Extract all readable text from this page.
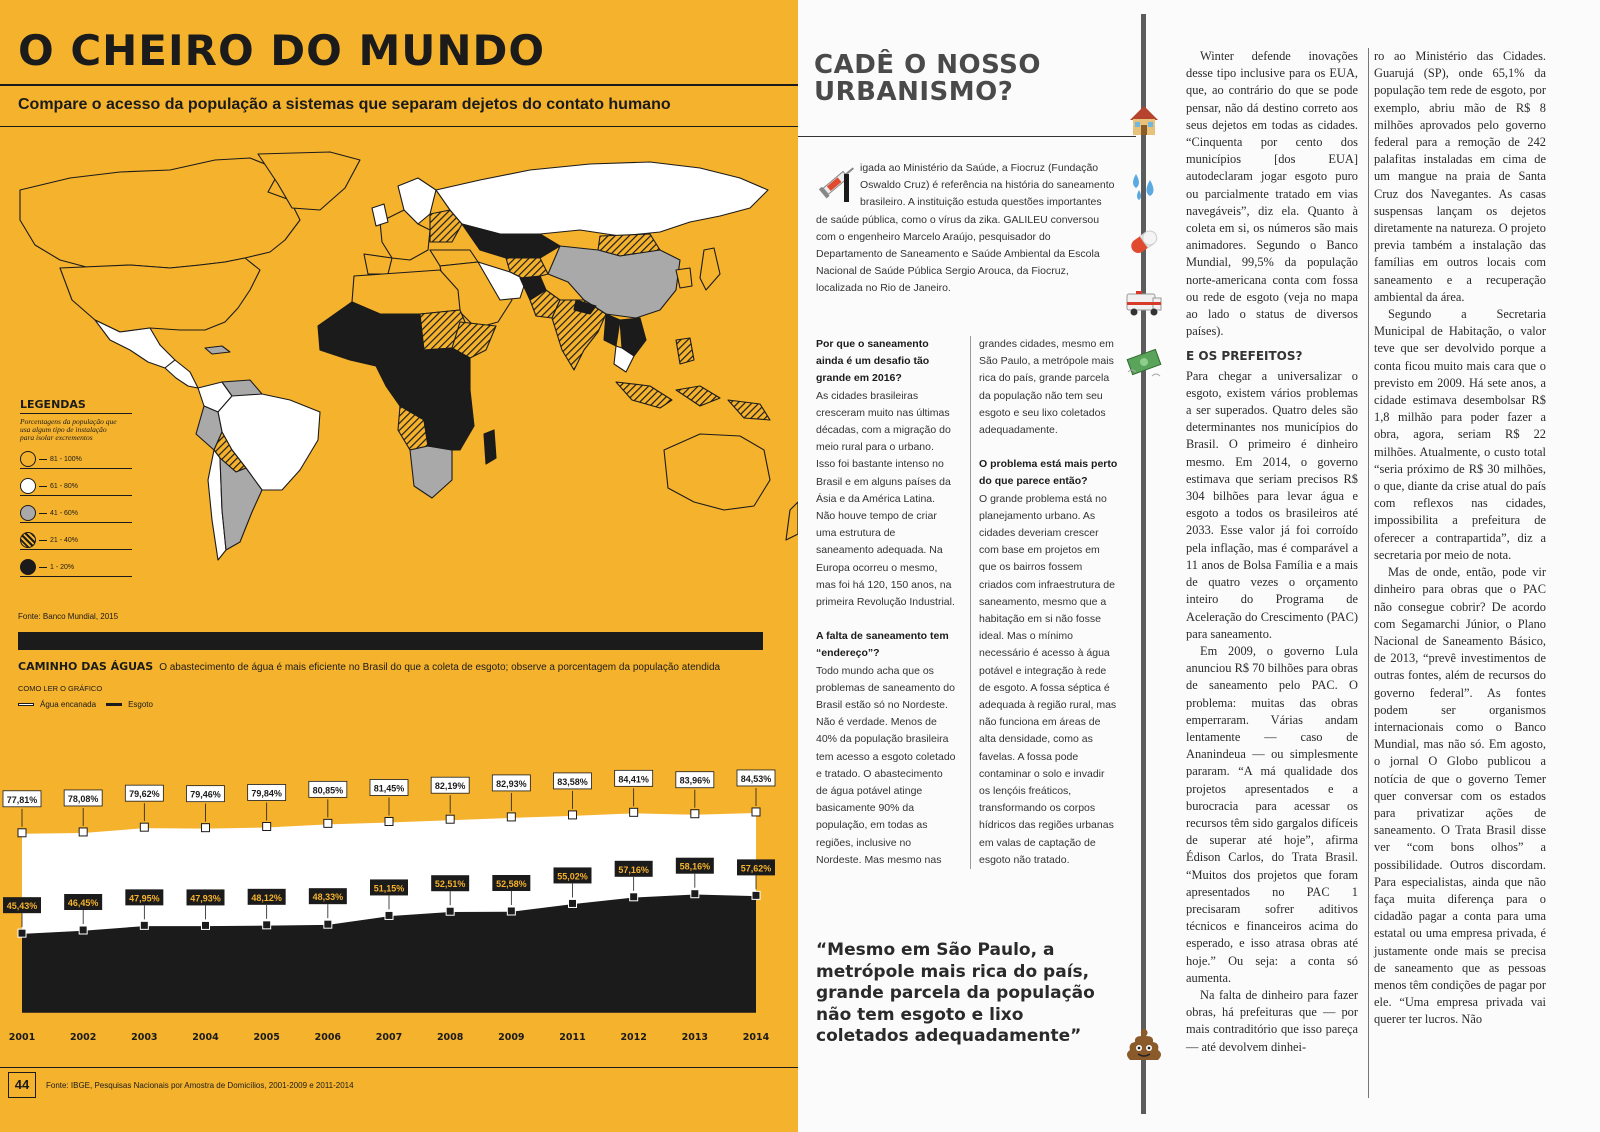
O CHEIRO DO MUNDO
Compare o acesso da população a sistemas que separam dejetos do contato humano
LEGENDAS
Porcentagens da população que usa algum tipo de instalação para isolar excrementos
81 - 100%
61 - 80%
41 - 60%
21 - 40%
1 - 20%
Fonte: Banco Mundial, 2015
CAMINHO DAS ÁGUAS O abastecimento de água é mais eficiente no Brasil do que a coleta de esgoto; observe a porcentagem da população atendida
COMO LER O GRÁFICO
Água encanada	Esgoto
77,81%
45,43%
2001
78,08%
46,45%
2002
79,62%
47,95%
2003
79,46%
47,93%
2004
79,84%
48,12%
2005
80,85%
48,33%
2006
81,45%
51,15%
2007
82,19%
52,51%
2008
82,93%
52,58%
2009
83,58%
55,02%
2011
84,41%
57,16%
2012
83,96%
58,16%
2013
84,53%
57,62%
2014
44	Fonte: IBGE, Pesquisas Nacionais por Amostra de Domicílios, 2001-2009 e 2011-2014
CADÊ O NOSSO
URBANISMO?
igada ao Ministério da Saúde, a Fiocruz (Fundação Oswaldo Cruz) é referência na história do saneamento brasileiro. A instituição estuda questões importantes de saúde pública, como o vírus da zika. GALILEU conversou com o engenheiro Marcelo Araújo, pesquisador do Departamento de Saneamento e Saúde Ambiental da Escola Nacional de Saúde Pública Sergio Arouca, da Fiocruz, localizada no Rio de Janeiro.

Por que o saneamento ainda é um desafio tão grande em 2016?

As cidades brasileiras cresceram muito nas últimas décadas, com a migração do meio rural para o urbano. Isso foi bastante intenso no Brasil e em alguns países da Ásia e da América Latina. Não houve tempo de criar uma estrutura de saneamento adequada. Na Europa ocorreu o mesmo, mas foi há 120, 150 anos, na primeira Revolução Industrial.

A falta de saneamento tem “endereço”?

Todo mundo acha que os problemas de saneamento do Brasil estão só no Nordeste. Não é verdade. Menos de 40% da população brasileira tem acesso a esgoto coletado e tratado. O abastecimento de água potável atinge basicamente 90% da população, em todas as regiões, inclusive no Nordeste. Mas mesmo nas

grandes cidades, mesmo em São Paulo, a metrópole mais rica do país, grande parcela da população não tem seu esgoto e seu lixo coletados adequadamente.

O problema está mais perto do que parece então?

O grande problema está no planejamento urbano. As cidades deveriam crescer com base em projetos em que os bairros fossem criados com infraestrutura de saneamento, mesmo que a habitação em si não fosse ideal. Mas o mínimo necessário é acesso à água potável e integração à rede de esgoto. A fossa séptica é adequada à região rural, mas não funciona em áreas de alta densidade, como as favelas. A fossa pode contaminar o solo e invadir os lençóis freáticos, transformando os corpos hídricos das regiões urbanas em valas de captação de esgoto não tratado.

“Mesmo em São Paulo, a metrópole mais rica do país, grande parcela da população não tem esgoto e lixo coletados adequadamente”

Winter defende inovações desse tipo inclusive para os EUA, que, ao contrário do que se pode pensar, não dá destino correto aos seus dejetos em todas as cidades. “Cinquenta por cento dos municípios [dos EUA] autodeclaram jogar esgoto puro ou parcialmente tratado em vias navegáveis”, diz ela. Quanto à coleta em si, os números são mais animadores. Segundo o Banco Mundial, 99,5% da população norte-americana conta com fossa ou rede de esgoto (veja no mapa ao lado o status de diversos países).

E OS PREFEITOS?

Para chegar a universalizar o esgoto, existem vários problemas a ser superados. Quatro deles são determinantes nos municípios do Brasil. O primeiro é dinheiro mesmo. Em 2014, o governo estimava que seriam precisos R$ 304 bilhões para levar água e esgoto a todos os brasileiros até 2033. Esse valor já foi corroído pela inflação, mas é comparável a 11 anos de Bolsa Família e a mais de quatro vezes o orçamento inteiro do Programa de Aceleração do Crescimento (PAC) para saneamento.

Em 2009, o governo Lula anunciou R$ 70 bilhões para obras de saneamento pelo PAC. O problema: muitas das obras emperraram. Várias andam lentamente — caso de Ananindeua — ou simplesmente pararam. “A má qualidade dos projetos apresentados e a burocracia para acessar os recursos têm sido gargalos difíceis de superar até hoje”, afirma Édison Carlos, do Trata Brasil. “Muitos dos projetos que foram apresentados no PAC 1 precisaram sofrer aditivos técnicos e financeiros acima do esperado, e isso atrasa obras até hoje.” Ou seja: a conta só aumenta.

Na falta de dinheiro para fazer obras, há prefeituras que — por mais contraditório que isso pareça — até devolvem dinhei-

ro ao Ministério das Cidades. Guarujá (SP), onde 65,1% da população tem rede de esgoto, por exemplo, abriu mão de R$ 8 milhões aprovados pelo governo federal para a remoção de 242 palafitas instaladas em cima de um mangue na praia de Santa Cruz dos Navegantes. As casas suspensas lançam os dejetos diretamente na natureza. O projeto previa também a instalação das famílias em outros locais com saneamento e a recuperação ambiental da área.

Segundo a Secretaria Municipal de Habitação, o valor teve que ser devolvido porque a conta ficou muito mais cara que o previsto em 2009. Há sete anos, a cidade estimava desembolsar R$ 1,8 milhão para poder fazer a obra, agora, seriam R$ 22 milhões. Atualmente, o custo total “seria próximo de R$ 30 milhões, o que, diante da crise atual do país com reflexos nas cidades, impossibilita a prefeitura de oferecer a contrapartida”, diz a secretaria por meio de nota.

Mas de onde, então, pode vir dinheiro para obras que o PAC não consegue cobrir? De acordo com Segamarchi Júnior, o Plano Nacional de Saneamento Básico, de 2013, “prevê investimentos de outras fontes, além de recursos do governo federal”. As fontes podem ser organismos internacionais como o Banco Mundial, mas não só. Em agosto, o jornal O Globo publicou a notícia de que o governo Temer quer conversar com os estados para privatizar ações de saneamento. O Trata Brasil disse ver “com bons olhos” a possibilidade. Outros discordam. Para especialistas, ainda que não faça muita diferença para o cidadão pagar a conta para uma estatal ou uma empresa privada, é justamente onde mais se precisa de saneamento que as pessoas menos têm condições de pagar por ele. “Uma empresa privada vai querer ter lucros. Não
